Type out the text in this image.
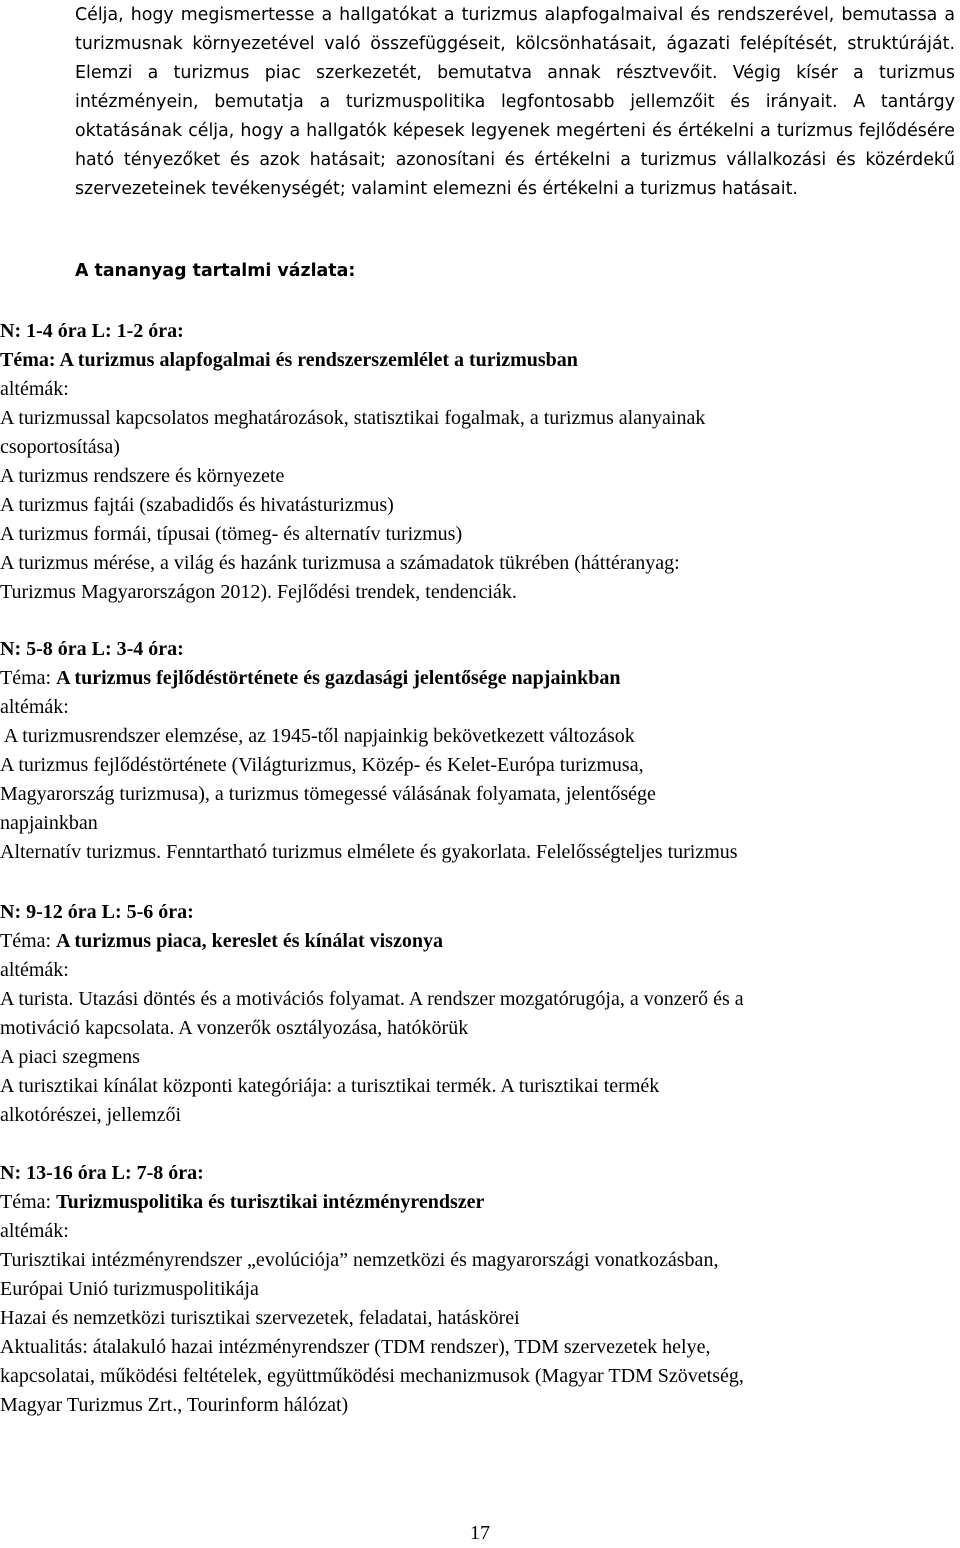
Célja, hogy megismertesse a hallgatókat a turizmus alapfogalmaival és rendszerével, bemutassa a turizmusnak környezetével való összefüggéseit, kölcsönhatásait, ágazati felépítését, struktúráját. Elemzi a turizmus piac szerkezetét, bemutatva annak résztvevőit. Végig kísér a turizmus intézményein, bemutatja a turizmuspolitika legfontosabb jellemzőit és irányait. A tantárgy oktatásának célja, hogy a hallgatók képesek legyenek megérteni és értékelni a turizmus fejlődésére ható tényezőket és azok hatásait; azonosítani és értékelni a turizmus vállalkozási és közérdekű szervezeteinek tevékenységét; valamint elemezni és értékelni a turizmus hatásait.

A tananyag tartalmi vázlata:

N: 1-4 óra L: 1-2 óra:
Téma: A turizmus alapfogalmai és rendszerszemlélet a turizmusban
altémák:
A turizmussal kapcsolatos meghatározások, statisztikai fogalmak, a turizmus alanyainak
csoportosítása)
A turizmus rendszere és környezete
A turizmus fajtái (szabadidős és hivatásturizmus)
A turizmus formái, típusai (tömeg- és alternatív turizmus)
A turizmus mérése, a világ és hazánk turizmusa a számadatok tükrében (háttéranyag:
Turizmus Magyarországon 2012). Fejlődési trendek, tendenciák.
N: 5-8 óra L: 3-4 óra:
Téma: A turizmus fejlődéstörténete és gazdasági jelentősége napjainkban
altémák:
A turizmusrendszer elemzése, az 1945-től napjainkig bekövetkezett változások
A turizmus fejlődéstörténete (Világturizmus, Közép- és Kelet-Európa turizmusa,
Magyarország turizmusa), a turizmus tömegessé válásának folyamata, jelentősége
napjainkban
Alternatív turizmus. Fenntartható turizmus elmélete és gyakorlata. Felelősségteljes turizmus
N: 9-12 óra L: 5-6 óra:
Téma: A turizmus piaca, kereslet és kínálat viszonya
altémák:
A turista. Utazási döntés és a motivációs folyamat. A rendszer mozgatórugója, a vonzerő és a
motiváció kapcsolata. A vonzerők osztályozása, hatókörük
A piaci szegmens
A turisztikai kínálat központi kategóriája: a turisztikai termék. A turisztikai termék
alkotórészei, jellemzői
N: 13-16 óra L: 7-8 óra:
Téma: Turizmuspolitika és turisztikai intézményrendszer
altémák:
Turisztikai intézményrendszer „evolúciója” nemzetközi és magyarországi vonatkozásban,
Európai Unió turizmuspolitikája
Hazai és nemzetközi turisztikai szervezetek, feladatai, hatáskörei
Aktualitás: átalakuló hazai intézményrendszer (TDM rendszer), TDM szervezetek helye,
kapcsolatai, működési feltételek, együttműködési mechanizmusok (Magyar TDM Szövetség,
Magyar Turizmus Zrt., Tourinform hálózat)
17
